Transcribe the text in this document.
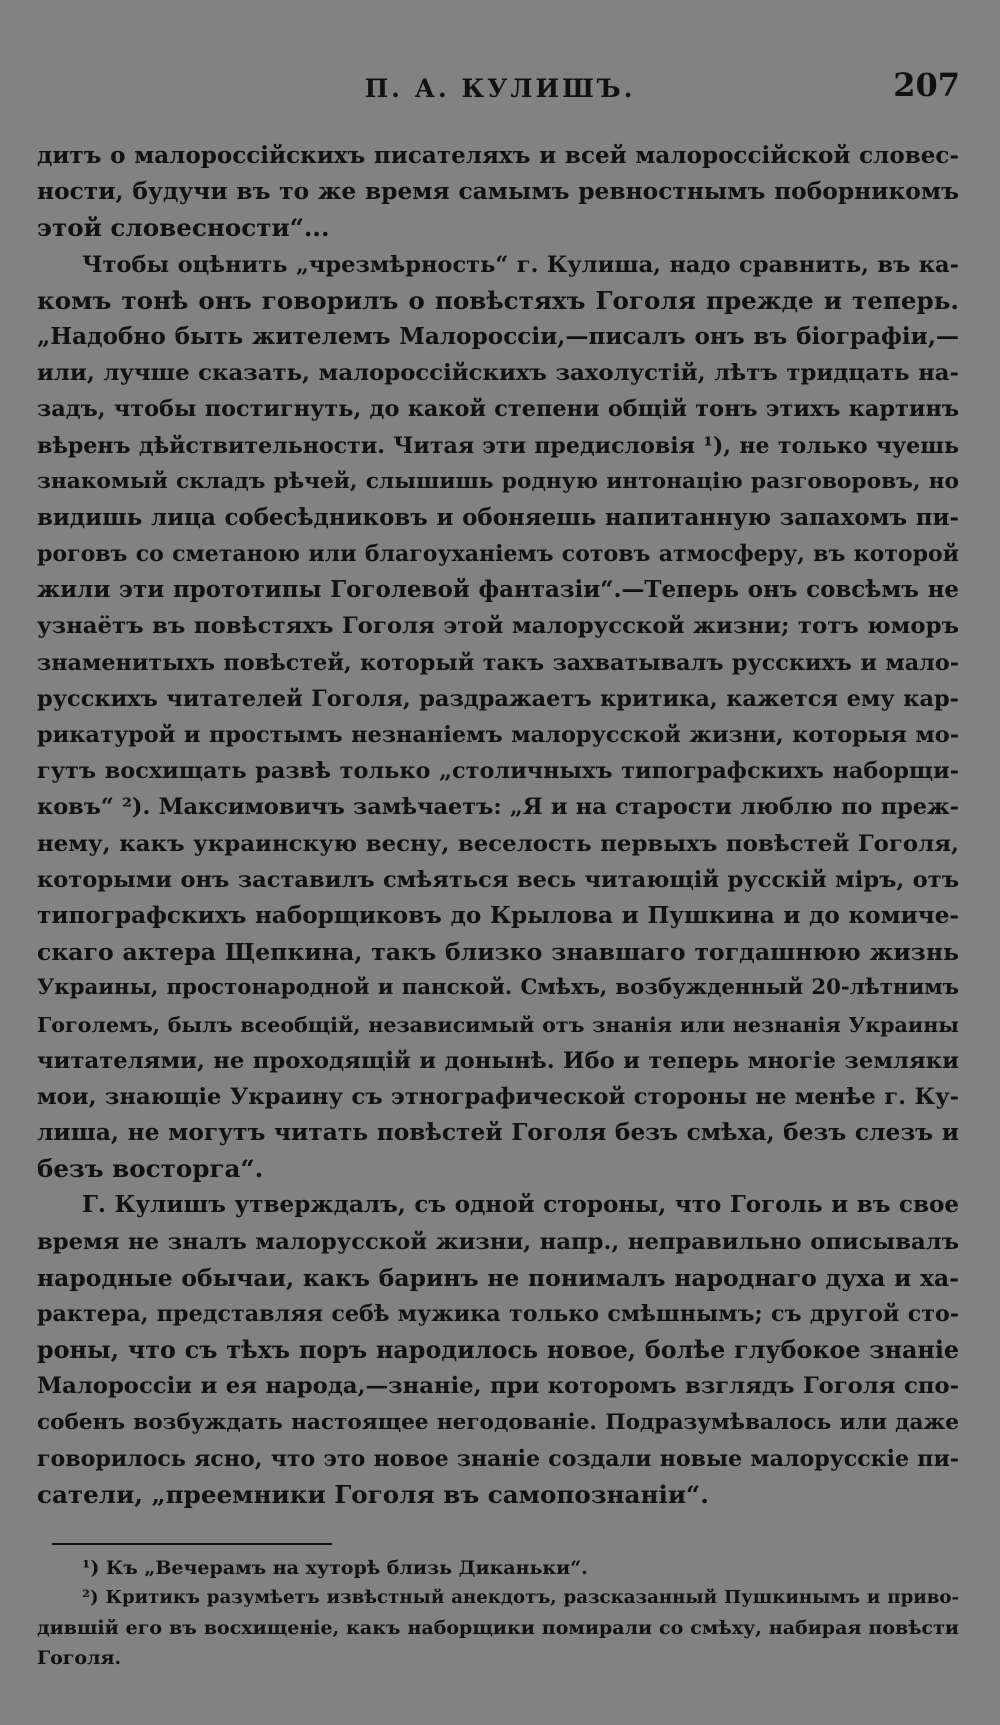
П. А. КУЛИШЪ.	207
дитъ о малороссійскихъ писателяхъ и всей малороссійской словес-
ности, будучи въ то же время самымъ ревностнымъ поборникомъ
этой словесности“...
Чтобы оцѣнить „чрезмѣрность“ г. Кулиша, надо сравнить, въ ка-
комъ тонѣ онъ говорилъ о повѣстяхъ Гоголя прежде и теперь.
„Надобно быть жителемъ Малороссіи,—писалъ онъ въ біографіи,—
или, лучше сказать, малороссійскихъ захолустій, лѣтъ тридцать на-
задъ, чтобы постигнуть, до какой степени общій тонъ этихъ картинъ
вѣренъ дѣйствительности. Читая эти предисловія ¹), не только чуешь
знакомый складъ рѣчей, слышишь родную интонацію разговоровъ, но
видишь лица собесѣдниковъ и обоняешь напитанную запахомъ пи-
роговъ со сметаною или благоуханіемъ сотовъ атмосферу, въ которой
жили эти прототипы Гоголевой фантазіи“.—Теперь онъ совсѣмъ не
узнаётъ въ повѣстяхъ Гоголя этой малорусской жизни; тотъ юморъ
знаменитыхъ повѣстей, который такъ захватывалъ русскихъ и мало-
русскихъ читателей Гоголя, раздражаетъ критика, кажется ему кар-
рикатурой и простымъ незнаніемъ малорусской жизни, которыя мо-
гутъ восхищать развѣ только „столичныхъ типографскихъ наборщи-
ковъ“ ²). Максимовичъ замѣчаетъ: „Я и на старости люблю по преж-
нему, какъ украинскую весну, веселость первыхъ повѣстей Гоголя,
которыми онъ заставилъ смѣяться весь читающій русскій міръ, отъ
типографскихъ наборщиковъ до Крылова и Пушкина и до комиче-
скаго актера Щепкина, такъ близко знавшаго тогдашнюю жизнь
Украины, простонародной и панской. Смѣхъ, возбужденный 20-лѣтнимъ
Гоголемъ, былъ всеобщій, независимый отъ знанія или незнанія Украины
читателями, не проходящій и донынѣ. Ибо и теперь многіе земляки
мои, знающіе Украину съ этнографической стороны не менѣе г. Ку-
лиша, не могутъ читать повѣстей Гоголя безъ смѣха, безъ слезъ и
безъ восторга“.
Г. Кулишъ утверждалъ, съ одной стороны, что Гоголь и въ свое
время не зналъ малорусской жизни, напр., неправильно описывалъ
народные обычаи, какъ баринъ не понималъ народнаго духа и ха-
рактера, представляя себѣ мужика только смѣшнымъ; съ другой сто-
роны, что съ тѣхъ поръ народилось новое, болѣе глубокое знаніе
Малороссіи и ея народа,—знаніе, при которомъ взглядъ Гоголя спо-
собенъ возбуждать настоящее негодованіе. Подразумѣвалось или даже
говорилось ясно, что это новое знаніе создали новые малорусскіе пи-
сатели, „преемники Гоголя въ самопознаніи“.
¹) Къ „Вечерамъ на хуторѣ близь Диканьки“.
²) Критикъ разумѣетъ извѣстный анекдотъ, разсказанный Пушкинымъ и приво-
дившій его въ восхищеніе, какъ наборщики помирали со смѣху, набирая повѣсти
Гоголя.
